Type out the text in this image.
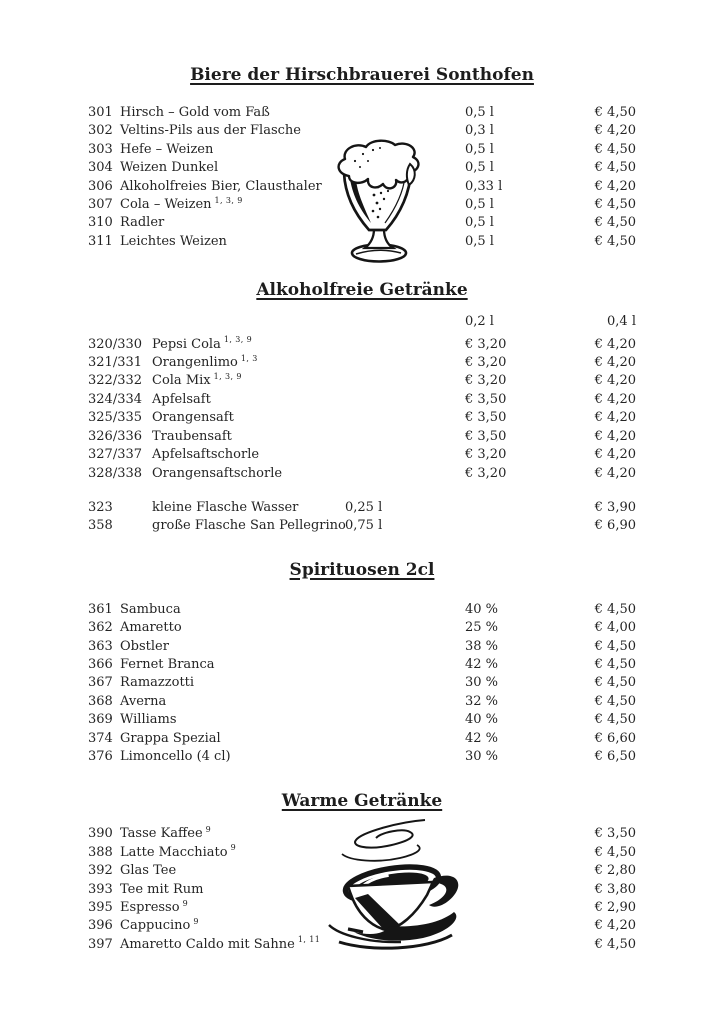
Biere der Hirschbrauerei Sonthofen
301 Hirsch – Gold vom Faß	0,5 l	€ 4,50
302 Veltins-Pils aus der Flasche	0,3 l	€ 4,20
303 Hefe – Weizen	0,5 l	€ 4,50
304 Weizen Dunkel	0,5 l	€ 4,50
306 Alkoholfreies Bier, Clausthaler	0,33 l	€ 4,20
307 Cola – Weizen $^{1, 3, 9}$	0,5 l	€ 4,50
310 Radler	0,5 l	€ 4,50
311 Leichtes Weizen	0,5 l	€ 4,50
Alkoholfreie Getränke
0,2 l	0,4 l
320/330 Pepsi Cola $^{1, 3, 9}$	€ 3,20	€ 4,20
321/331 Orangenlimo $^{1, 3}$	€ 3,20	€ 4,20
322/332 Cola Mix $^{1, 3, 9}$	€ 3,20	€ 4,20
324/334 Apfelsaft	€ 3,50	€ 4,20
325/335 Orangensaft	€ 3,50	€ 4,20
326/336 Traubensaft	€ 3,50	€ 4,20
327/337 Apfelsaftschorle	€ 3,20	€ 4,20
328/338 Orangensaftschorle	€ 3,20	€ 4,20
323	kleine Flasche Wasser	0,25 l	€ 3,90
358	große Flasche San Pellegrino 0,75 l	€ 6,90
Spirituosen 2cl
361 Sambuca	40 %	€ 4,50
362 Amaretto	25 %	€ 4,00
363 Obstler	38 %	€ 4,50
366 Fernet Branca	42 %	€ 4,50
367 Ramazzotti	30 %	€ 4,50
368 Averna	32 %	€ 4,50
369 Williams	40 %	€ 4,50
374 Grappa Spezial	42 %	€ 6,60
376 Limoncello (4 cl)	30 %	€ 6,50
Warme Getränke
390 Tasse Kaffee $^9$	€ 3,50
388 Latte Macchiato $^9$	€ 4,50
392 Glas Tee	€ 2,80
393 Tee mit Rum	€ 3,80
395 Espresso $^9$	€ 2,90
396 Cappucino $^9$	€ 4,20
397 Amaretto Caldo mit Sahne $^{1, 11}$	€ 4,50
